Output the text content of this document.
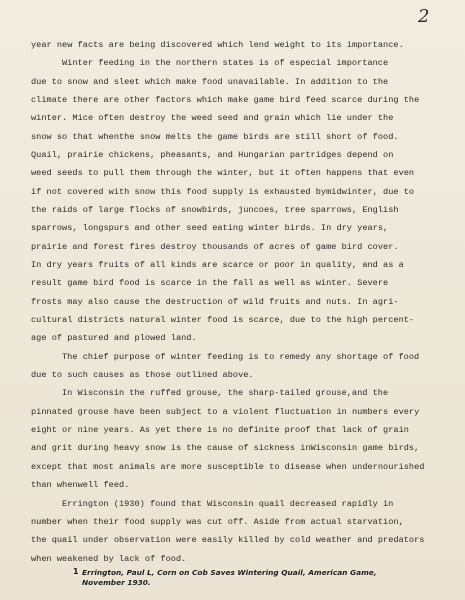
2
year new facts are being discovered which lend weight to its importance.
Winter feeding in the northern states is of especial importance
due to snow and sleet which make food unavailable. In addition to the
climate there are other factors which make game bird feed scarce during the
winter. Mice often destroy the weed seed and grain which lie under the
snow so that whenthe snow melts the game birds are still short of food.
Quail, prairie chickens, pheasants, and Hungarian partridges depend on
weed seeds to pull them through the winter, but it often happens that even
if not covered with snow this food supply is exhausted bymidwinter, due to
the raids of large flocks of snowbirds, juncoes, tree sparrows, English
sparrows, longspurs and other seed eating winter birds. In dry years,
prairie and forest fires destroy thousands of acres of game bird cover.
In dry years fruits of all kinds are scarce or poor in quality, and as a
result game bird food is scarce in the fall as well as winter. Severe
frosts may also cause the destruction of wild fruits and nuts. In agri-
cultural districts natural winter food is scarce, due to the high percent-
age of pastured and plowed land.
The chief purpose of winter feeding is to remedy any shortage of food
due to such causes as those outlined above.
In Wisconsin the ruffed grouse, the sharp-tailed grouse,and the
pinnated grouse have been subject to a violent fluctuation in numbers every
eight or nine years. As yet there is no definite proof that lack of grain
and grit during heavy snow is the cause of sickness inWisconsin game birds,
except that most animals are more susceptible to disease when undernourished
than whenwell feed.
Errington (1930) found that Wisconsin quail decreased rapidly in
number when their food supply was cut off. Aside from actual starvation,
the quail under observation were easily killed by cold weather and predators
when weakened by lack of food.
1 Errington, Paul L, Corn on Cob Saves Wintering Quail, American Game,
November 1930.
